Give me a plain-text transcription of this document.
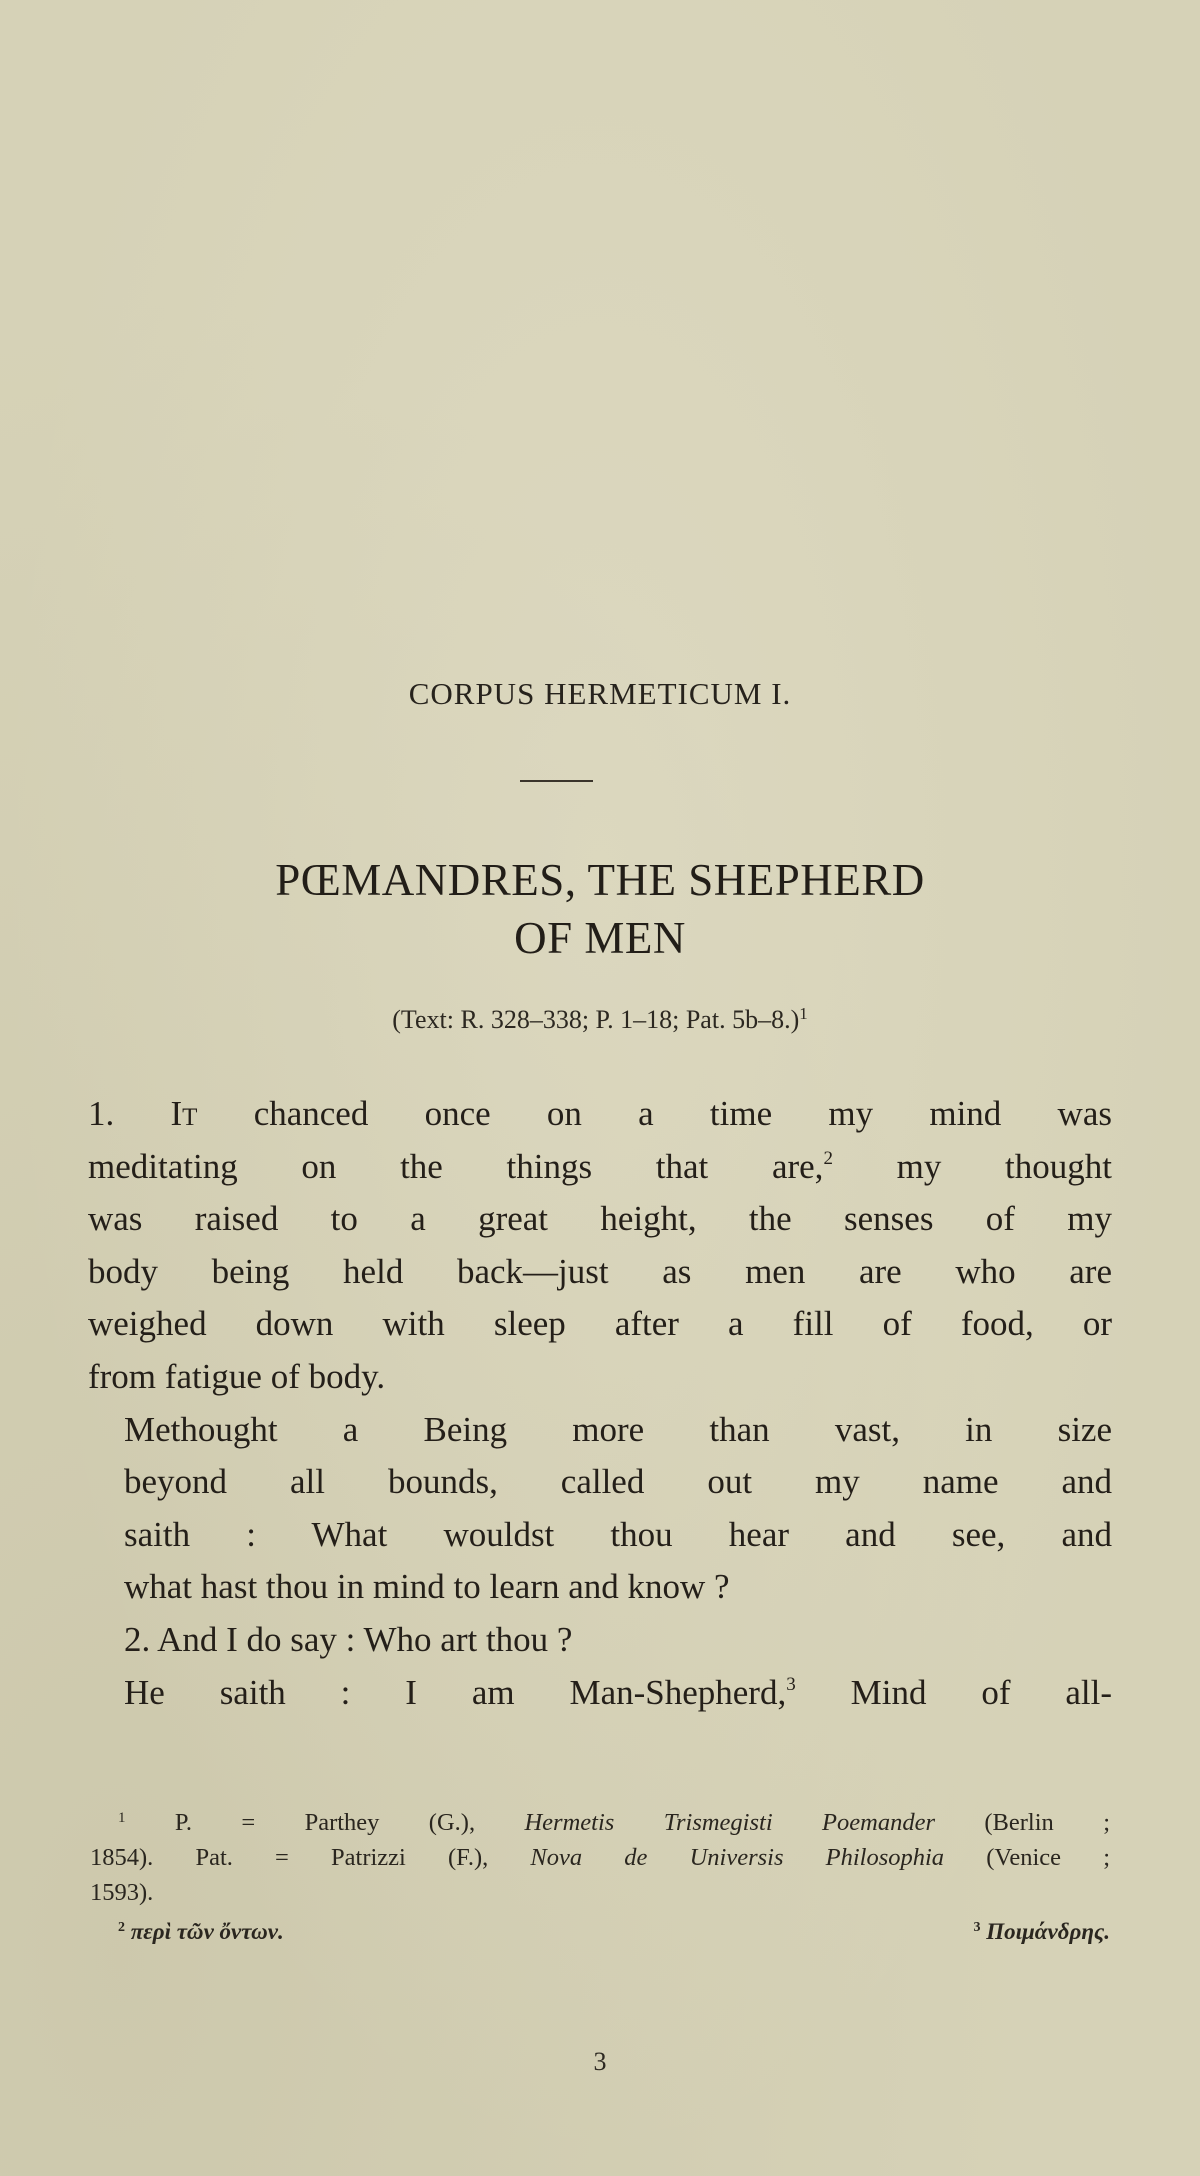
CORPUS HERMETICUM I.
PŒMANDRES, THE SHEPHERD
OF MEN
(Text: R. 328–338; P. 1–18; Pat. 5b–8.)$^1$
1. It chanced once on a time my mind was
meditating on the things that are,$^2$ my thought
was raised to a great height, the senses of my
body being held back—just as men are who are
weighed down with sleep after a fill of food, or
from fatigue of body.
Methought a Being more than vast, in size
beyond all bounds, called out my name and
saith : What wouldst thou hear and see, and
what hast thou in mind to learn and know ?
2. And I do say : Who art thou ?
He saith : I am Man-Shepherd,$^3$ Mind of all-
$^1$ P. = Parthey (G.), Hermetis Trismegisti Poemander (Berlin ;
1854). Pat. = Patrizzi (F.), Nova de Universis Philosophia (Venice ;
1593).
$^2$ περὶ τῶν ὄντων.	$^3$ Ποιμάνδρης.
3
